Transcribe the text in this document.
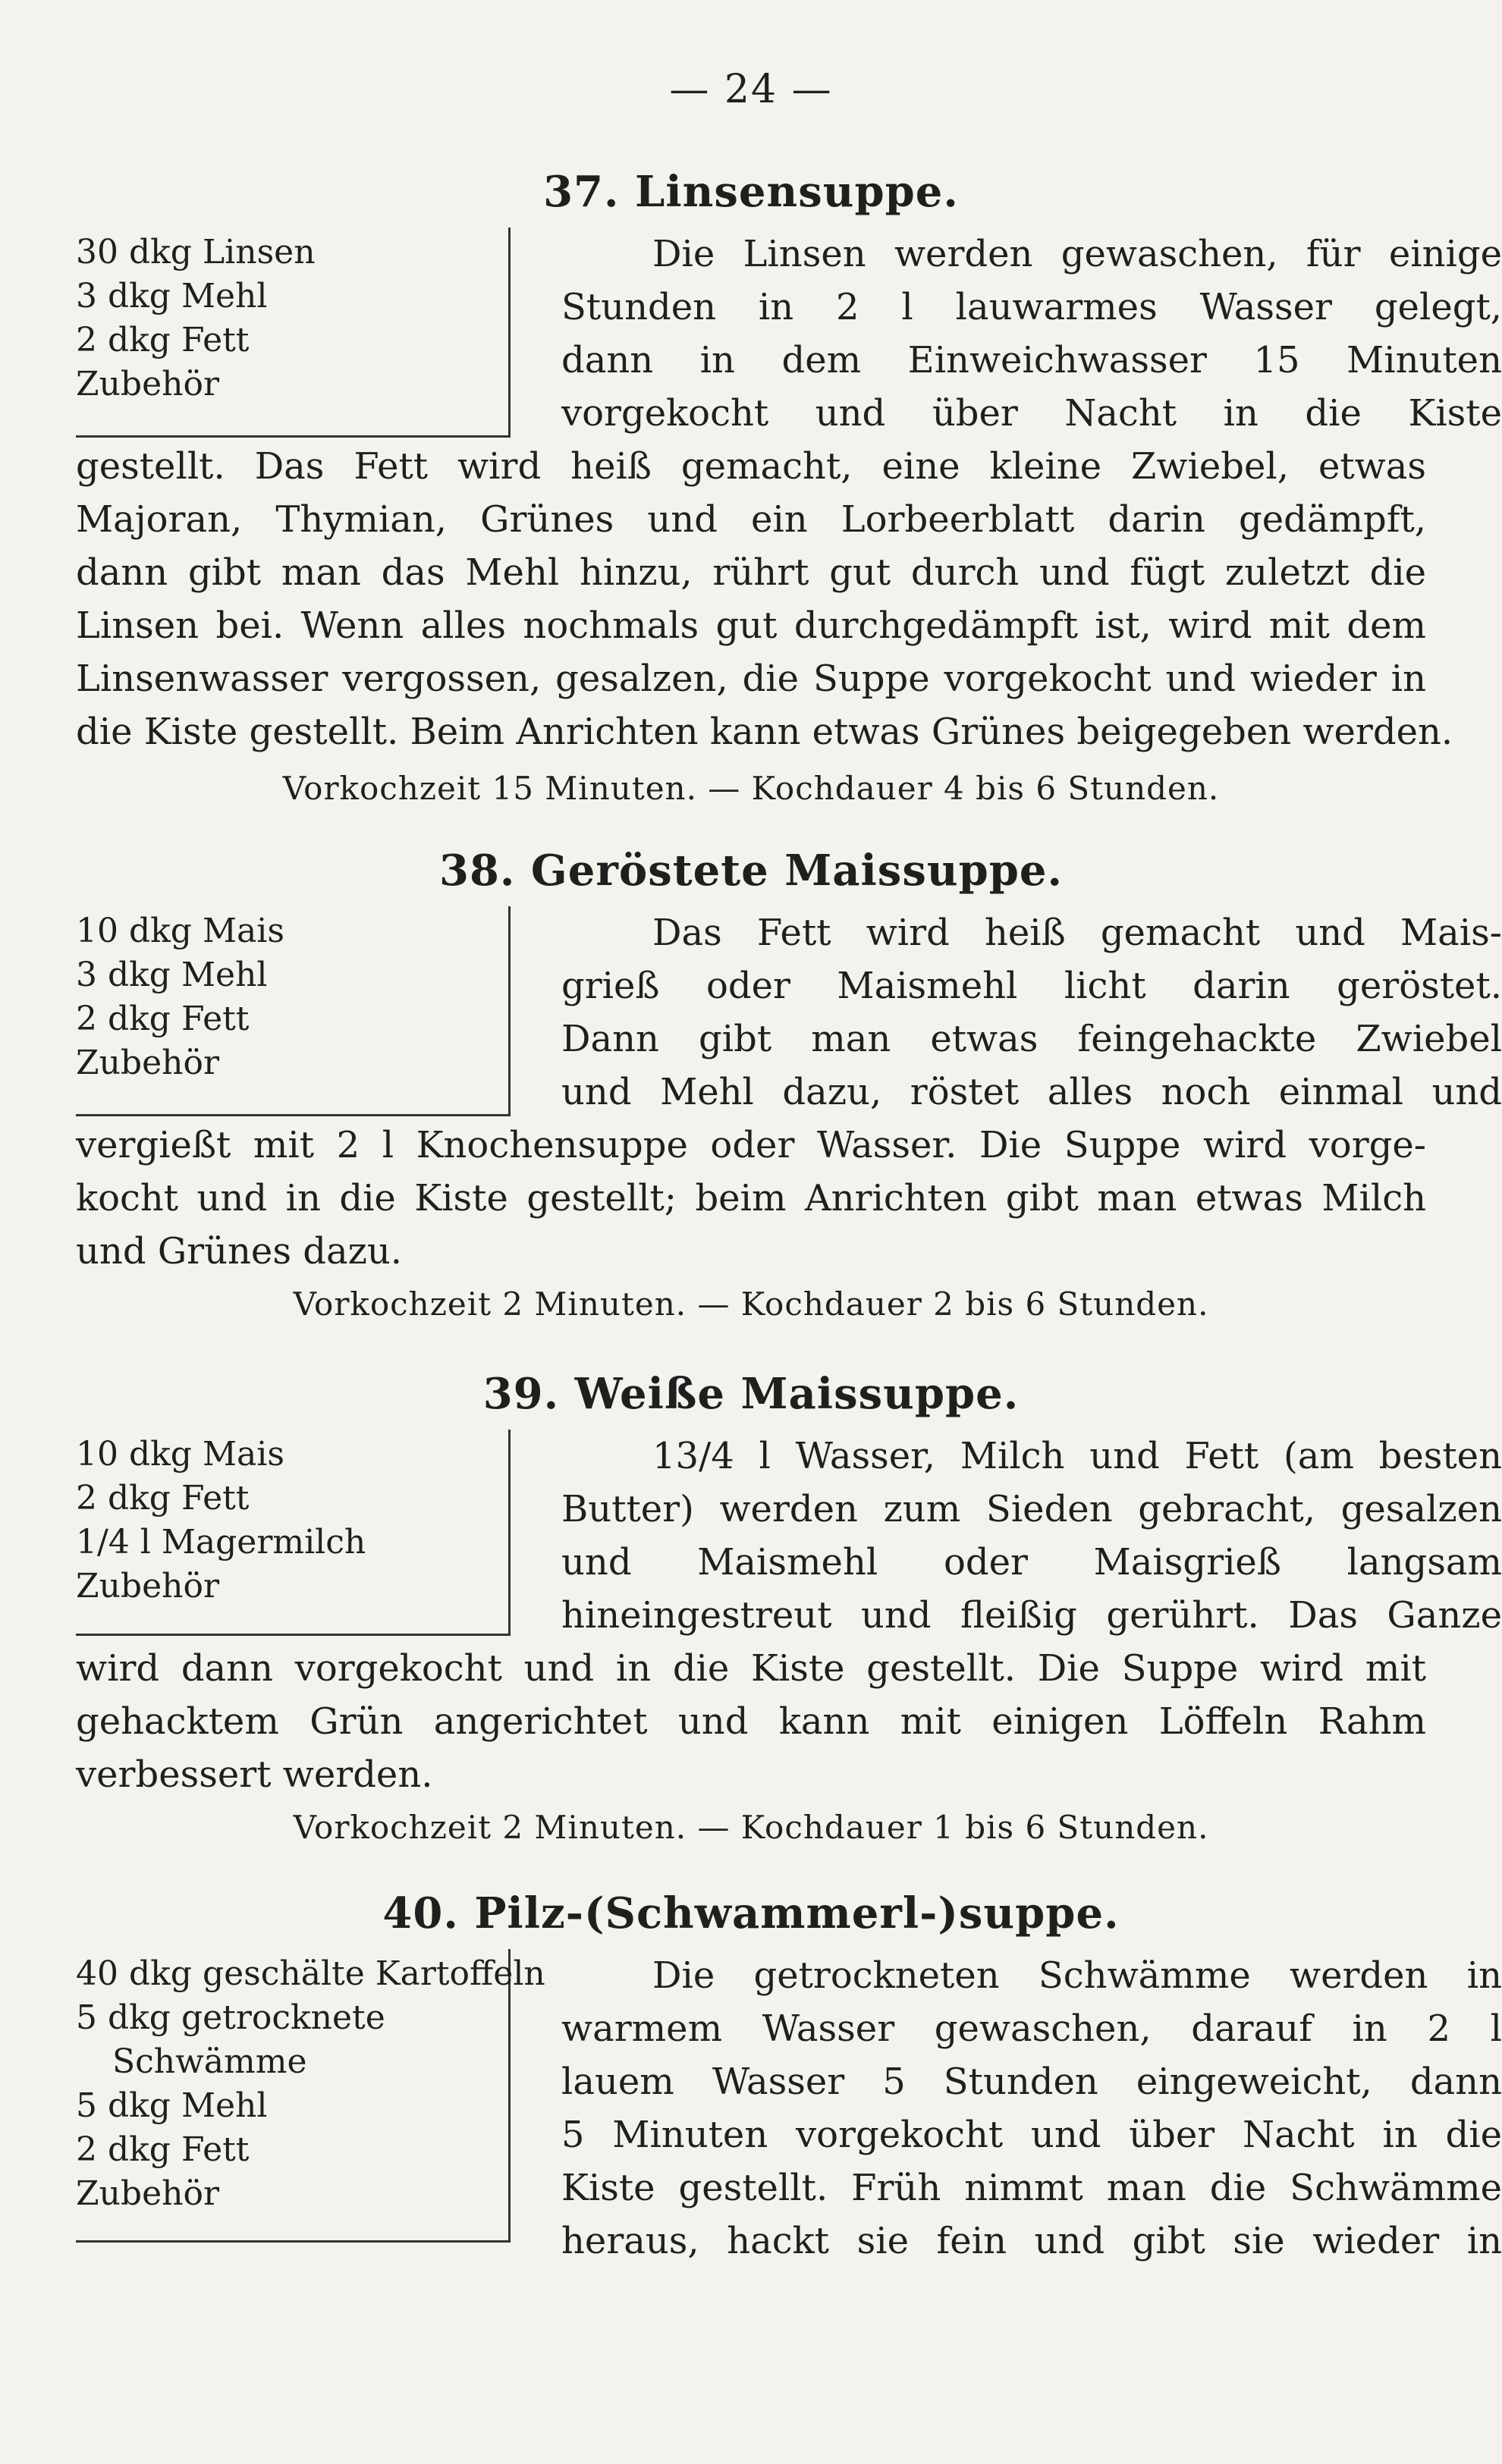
— 24 —
37. Linsensuppe.
30 dkg Linsen
3 dkg Mehl
2 dkg Fett
Zubehör
Die Linsen werden gewaschen, für einige
Stunden in 2 l lauwarmes Wasser gelegt,
dann in dem Einweichwasser 15 Minuten
vorgekocht und über Nacht in die Kiste
gestellt. Das Fett wird heiß gemacht, eine kleine Zwiebel, etwas
Majoran, Thymian, Grünes und ein Lorbeerblatt darin gedämpft,
dann gibt man das Mehl hinzu, rührt gut durch und fügt zuletzt die
Linsen bei. Wenn alles nochmals gut durchgedämpft ist, wird mit dem
Linsenwasser vergossen, gesalzen, die Suppe vorgekocht und wieder in
die Kiste gestellt. Beim Anrichten kann etwas Grünes beigegeben werden.
Vorkochzeit 15 Minuten. — Kochdauer 4 bis 6 Stunden.
38. Geröstete Maissuppe.
10 dkg Mais
3 dkg Mehl
2 dkg Fett
Zubehör
Das Fett wird heiß gemacht und Mais-
grieß oder Maismehl licht darin geröstet.
Dann gibt man etwas feingehackte Zwiebel
und Mehl dazu, röstet alles noch einmal und
vergießt mit 2 l Knochensuppe oder Wasser. Die Suppe wird vorge-
kocht und in die Kiste gestellt; beim Anrichten gibt man etwas Milch
und Grünes dazu.
Vorkochzeit 2 Minuten. — Kochdauer 2 bis 6 Stunden.
39. Weiße Maissuppe.
10 dkg Mais
2 dkg Fett
1/4 l Magermilch
Zubehör
13/4 l Wasser, Milch und Fett (am besten
Butter) werden zum Sieden gebracht, gesalzen
und Maismehl oder Maisgrieß langsam
hineingestreut und fleißig gerührt. Das Ganze
wird dann vorgekocht und in die Kiste gestellt. Die Suppe wird mit
gehacktem Grün angerichtet und kann mit einigen Löffeln Rahm
verbessert werden.
Vorkochzeit 2 Minuten. — Kochdauer 1 bis 6 Stunden.
40. Pilz-(Schwammerl-)suppe.
40 dkg geschälte Kartoffeln
5 dkg getrocknete
Schwämme
5 dkg Mehl
2 dkg Fett
Zubehör
Die getrockneten Schwämme werden in
warmem Wasser gewaschen, darauf in 2 l
lauem Wasser 5 Stunden eingeweicht, dann
5 Minuten vorgekocht und über Nacht in die
Kiste gestellt. Früh nimmt man die Schwämme
heraus, hackt sie fein und gibt sie wieder in
